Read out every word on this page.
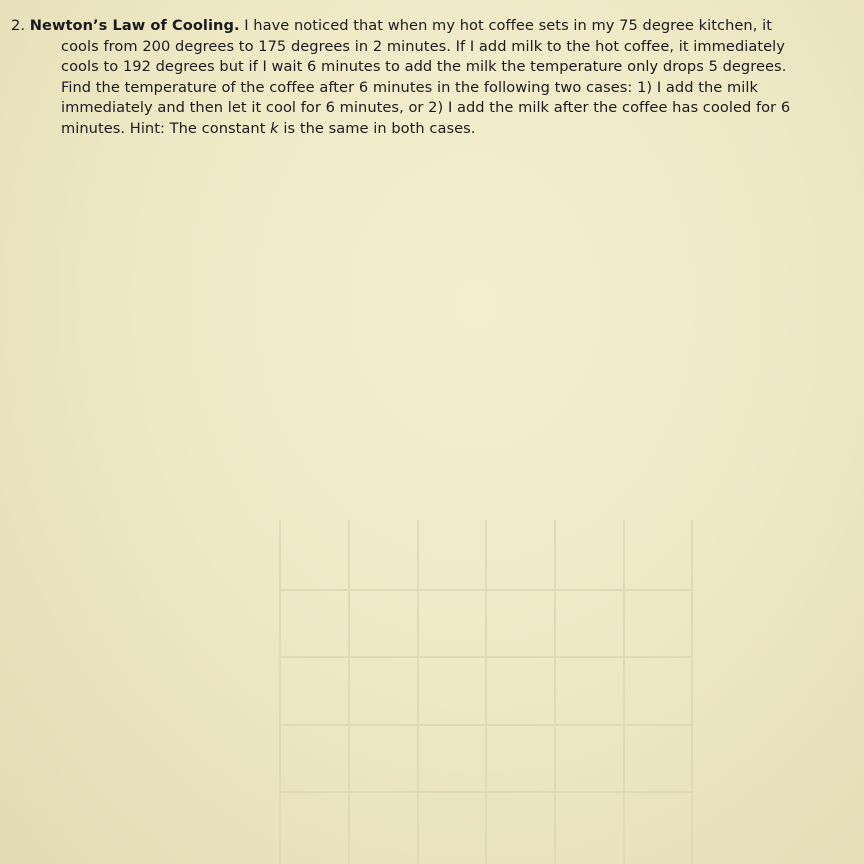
2. Newton’s Law of Cooling. I have noticed that when my hot coffee sets in my 75 degree kitchen, it
cools from 200 degrees to 175 degrees in 2 minutes. If I add milk to the hot coffee, it immediately
cools to 192 degrees but if I wait 6 minutes to add the milk the temperature only drops 5 degrees.
Find the temperature of the coffee after 6 minutes in the following two cases: 1) I add the milk
immediately and then let it cool for 6 minutes, or 2) I add the milk after the coffee has cooled for 6
minutes. Hint: The constant k is the same in both cases.
